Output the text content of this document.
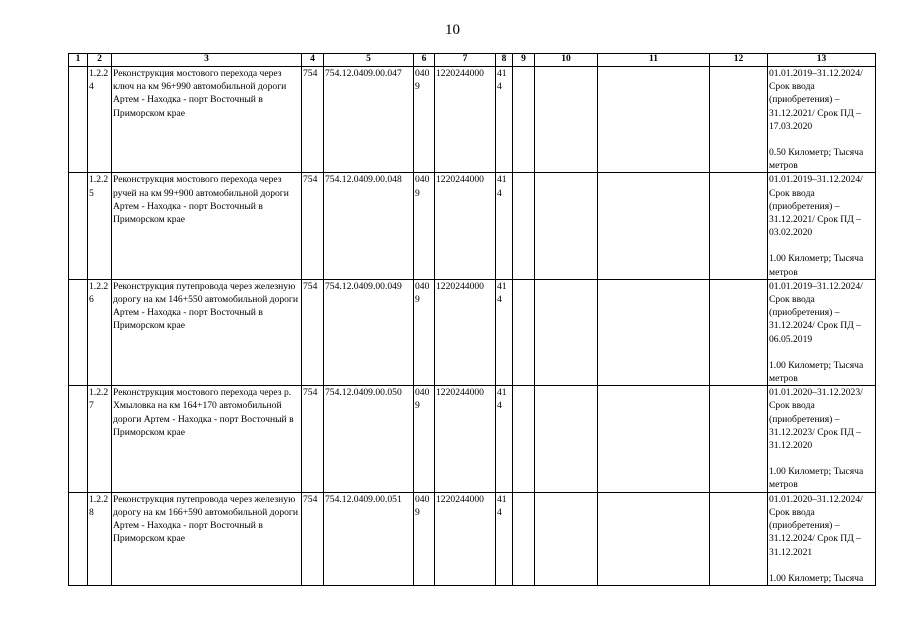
10
1	2	3	4	5	6	7	8	9	10	11	12	13
	1.2.2 4	Реконструкция мостового перехода через ключ на км 96+990 автомобильной дороги Артем - Находка - порт Восточный в Приморском крае	754	754.12.0409.00.047	0409	1220244000	414					01.01.2019–31.12.2024/ Срок ввода (приобретения) – 31.12.2021/ Срок ПД – 17.03.2020
0.50 Километр; Тысяча метров

	1.2.2 5	Реконструкция мостового перехода через ручей на км 99+900 автомобильной дороги Артем - Находка - порт Восточный в Приморском крае	754	754.12.0409.00.048	0409	1220244000	414					01.01.2019–31.12.2024/ Срок ввода (приобретения) – 31.12.2021/ Срок ПД – 03.02.2020
1.00 Километр; Тысяча метров

	1.2.2 6	Реконструкция путепровода через железную дорогу на км 146+550 автомобильной дороги Артем - Находка - порт Восточный в Приморском крае	754	754.12.0409.00.049	0409	1220244000	414					01.01.2019–31.12.2024/ Срок ввода (приобретения) – 31.12.2024/ Срок ПД – 06.05.2019
1.00 Километр; Тысяча метров

	1.2.2 7	Реконструкция мостового перехода через р. Хмыловка на км 164+170 автомобильной дороги Артем - Находка - порт Восточный в Приморском крае	754	754.12.0409.00.050	0409	1220244000	414					01.01.2020–31.12.2023/ Срок ввода (приобретения) – 31.12.2023/ Срок ПД – 31.12.2020
1.00 Километр; Тысяча метров

	1.2.2 8	Реконструкция путепровода через железную дорогу на км 166+590 автомобильной дороги Артем - Находка - порт Восточный в Приморском крае	754	754.12.0409.00.051	0409	1220244000	414					01.01.2020–31.12.2024/ Срок ввода (приобретения) – 31.12.2024/ Срок ПД – 31.12.2021
1.00 Километр; Тысяча
